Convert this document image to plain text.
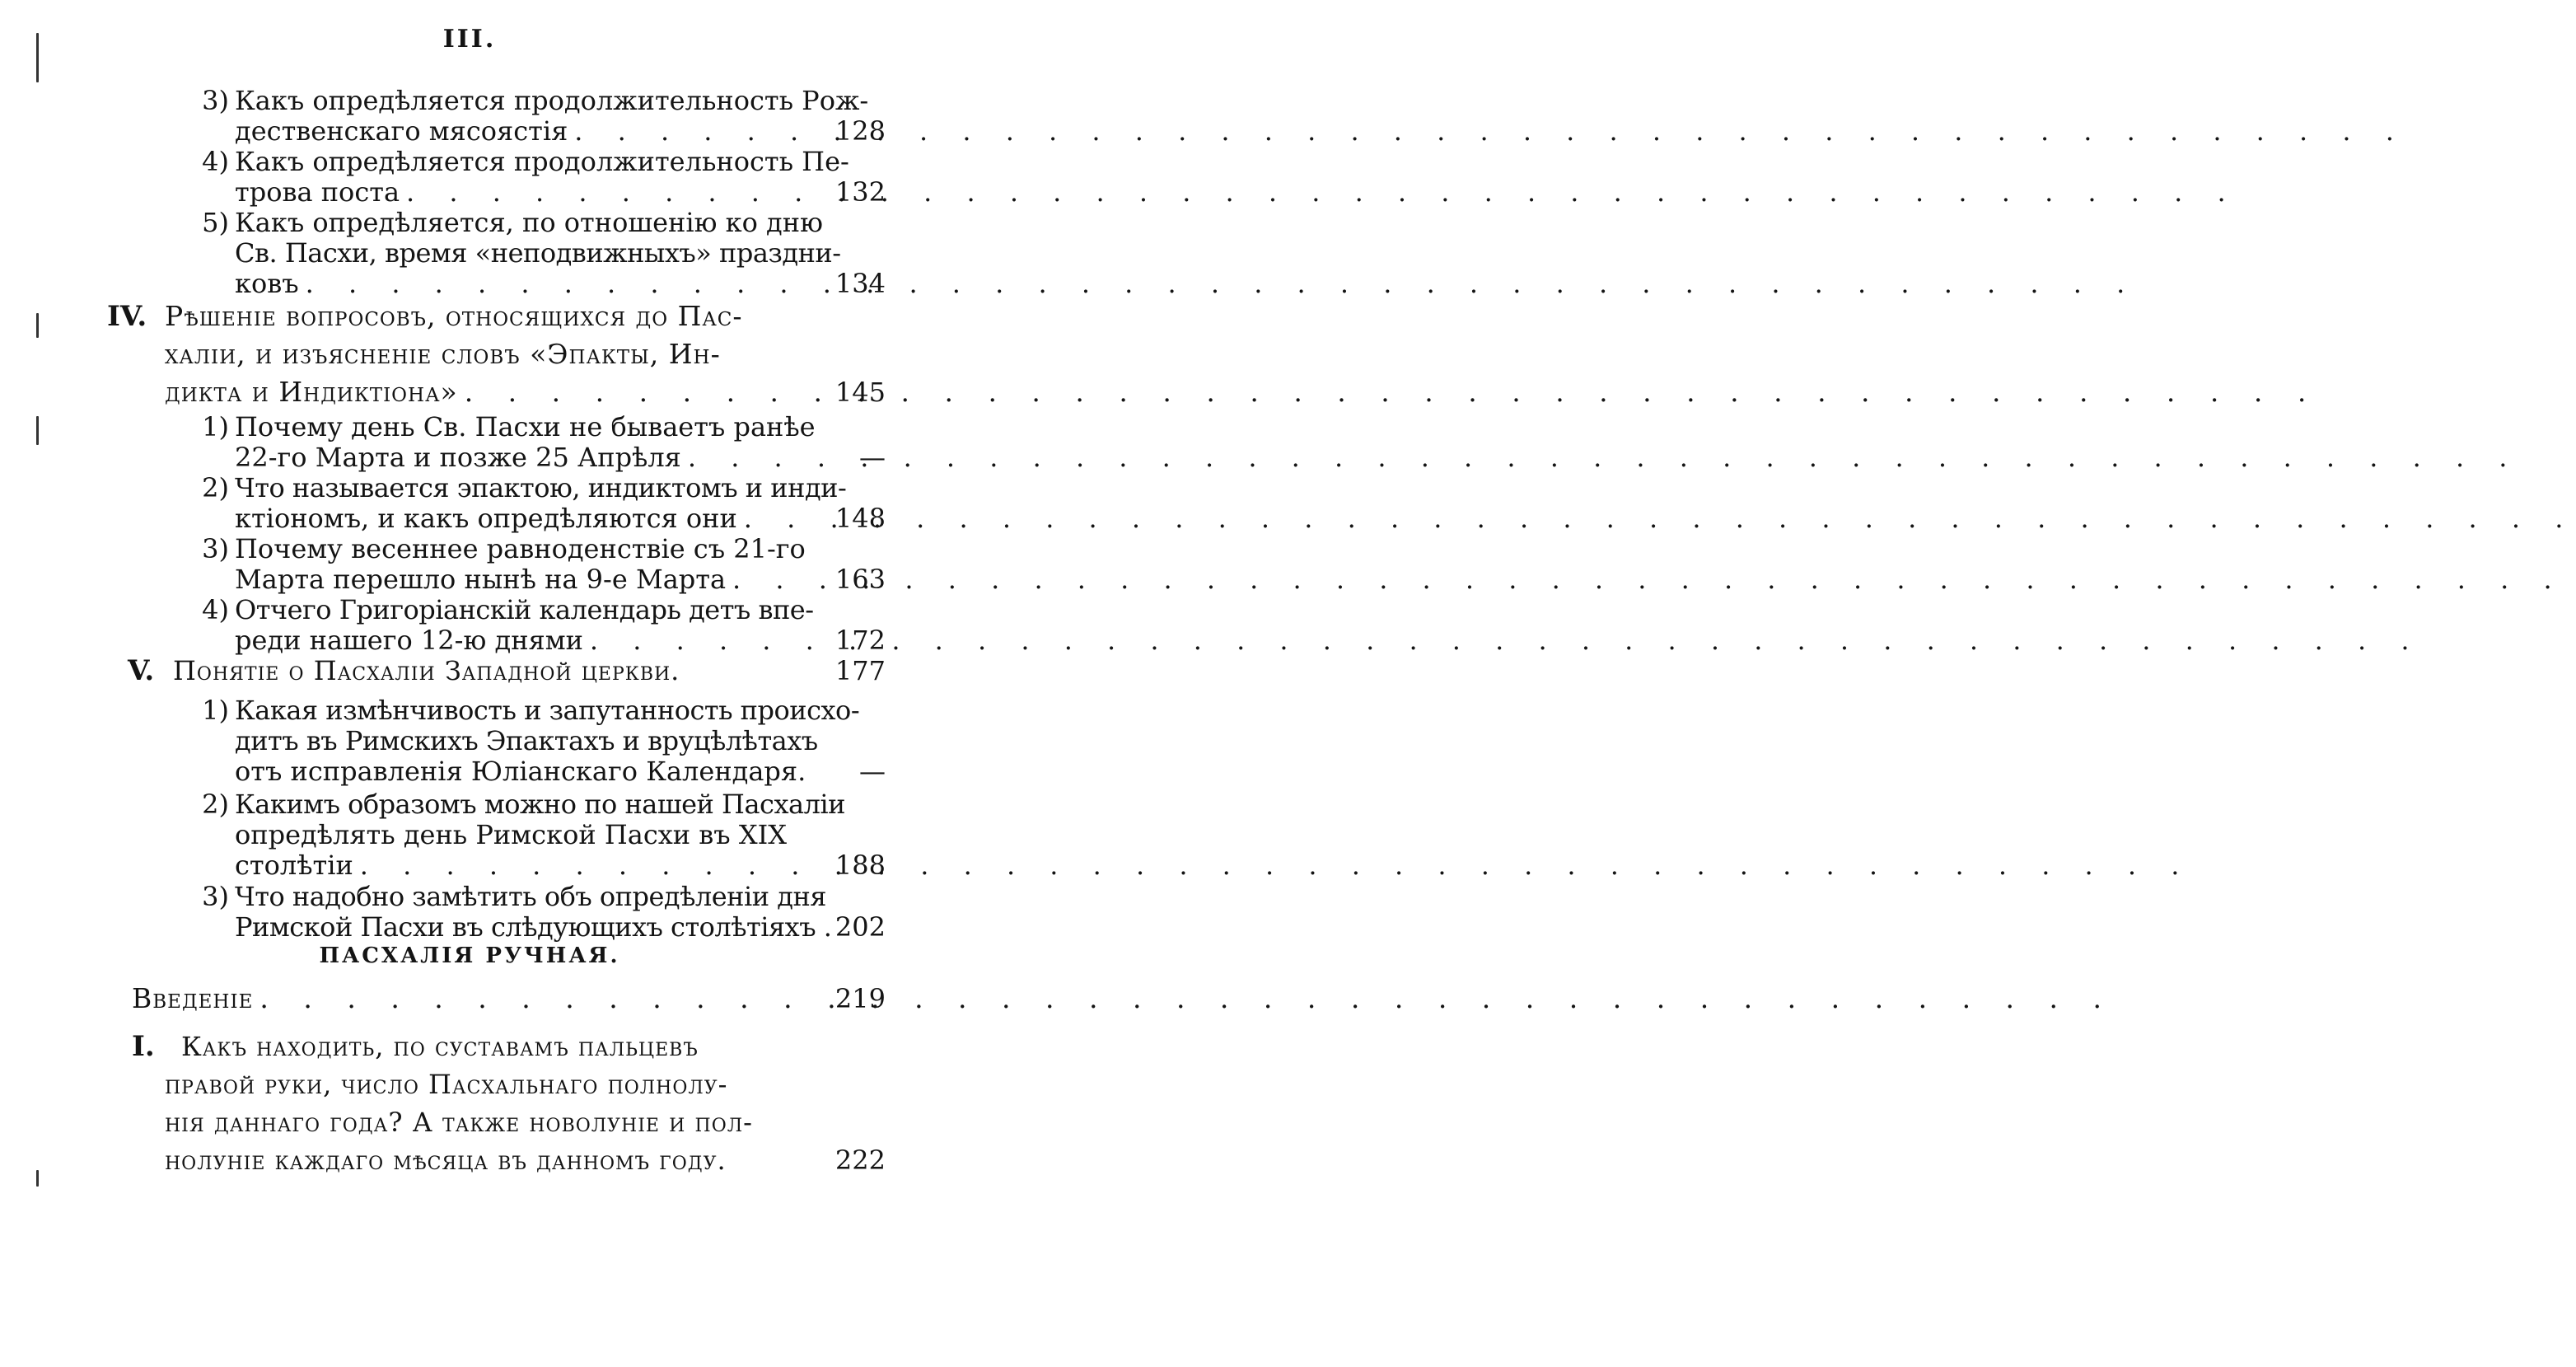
III.
3) Какъ опредѣляется продолжительность Рож-
дественскаго мясоястія . . .	128
4) Какъ опредѣляется продолжительность Пе-
трова поста . . .	132
5) Какъ опредѣляется, по отношенію ко дню
Св. Пасхи, время «неподвижныхъ» праздни-
ковъ . . .	134
IV. Рѣшеніе вопросовъ, относящихся до Пас-
халіи, и изъясненіе словъ «Эпакты, Ин-
дикта и Индиктіона» . . .	145
1) Почему день Св. Пасхи не бываетъ ранѣе
22-го Марта и позже 25 Апрѣля . . .	—
2) Что называется эпактою, индиктомъ и инди-
ктіономъ, и какъ опредѣляются они . . .	148
3) Почему весеннее равноденствіе съ 21-го
Марта перешло нынѣ на 9-е Марта . . .	163
4) Отчего Григоріанскій календарь детъ впе-
реди нашего 12-ю днями . . .	172
V. Понятіе о Пасхаліи Западной церкви.	177
1) Какая измѣнчивость и запутанность происхо-
дитъ въ Римскихъ Эпактахъ и вруцѣлѣтахъ
отъ исправленія Юліанскаго Календаря.	—
2) Какимъ образомъ можно по нашей Пасхаліи
опредѣлять день Римской Пасхи въ XIX
столѣтіи . . .	188
3) Что надобно замѣтить объ опредѣленіи дня
Римской Пасхи въ слѣдующихъ столѣтіяхъ . 202
ПАСХАЛІЯ РУЧНАЯ.
Введеніе . . .	219
I.	Какъ находить, по суставамъ пальцевъ
правой руки, число Пасхальнаго полнолу-
нія даннаго года? А также новолуніе и пол-
нолуніе каждаго мѣсяца въ данномъ году.	222
